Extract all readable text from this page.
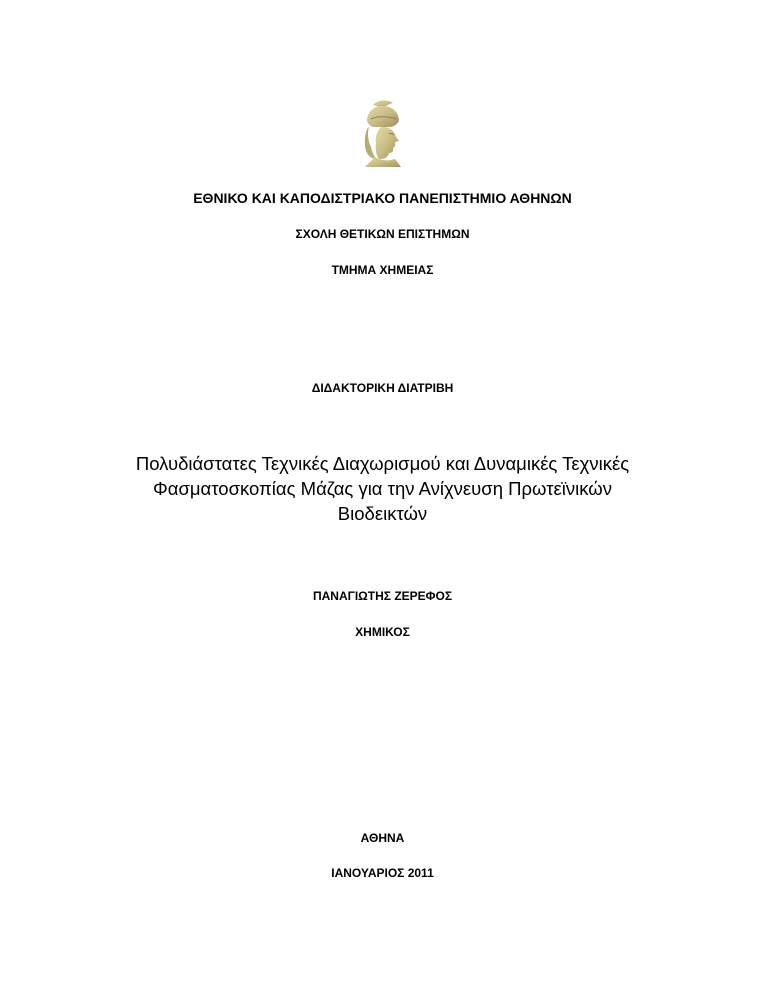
ΕΘΝΙΚΟ ΚΑΙ ΚΑΠΟΔΙΣΤΡΙΑΚΟ ΠΑΝΕΠΙΣΤΗΜΙΟ ΑΘΗΝΩΝ
ΣΧΟΛΗ ΘΕΤΙΚΩΝ ΕΠΙΣΤΗΜΩΝ
ΤΜΗΜΑ ΧΗΜΕΙΑΣ
ΔΙΔΑΚΤΟΡΙΚΗ ΔΙΑΤΡΙΒΗ
Πολυδιάστατες Τεχνικές Διαχωρισμού και Δυναμικές Τεχνικές
Φασματοσκοπίας Μάζας για την Ανίχνευση Πρωτεϊνικών
Βιοδεικτών
ΠΑΝΑΓΙΩΤΗΣ ΖΕΡΕΦΟΣ
ΧΗΜΙΚΟΣ
ΑΘΗΝΑ
ΙΑΝΟΥΑΡΙΟΣ 2011
